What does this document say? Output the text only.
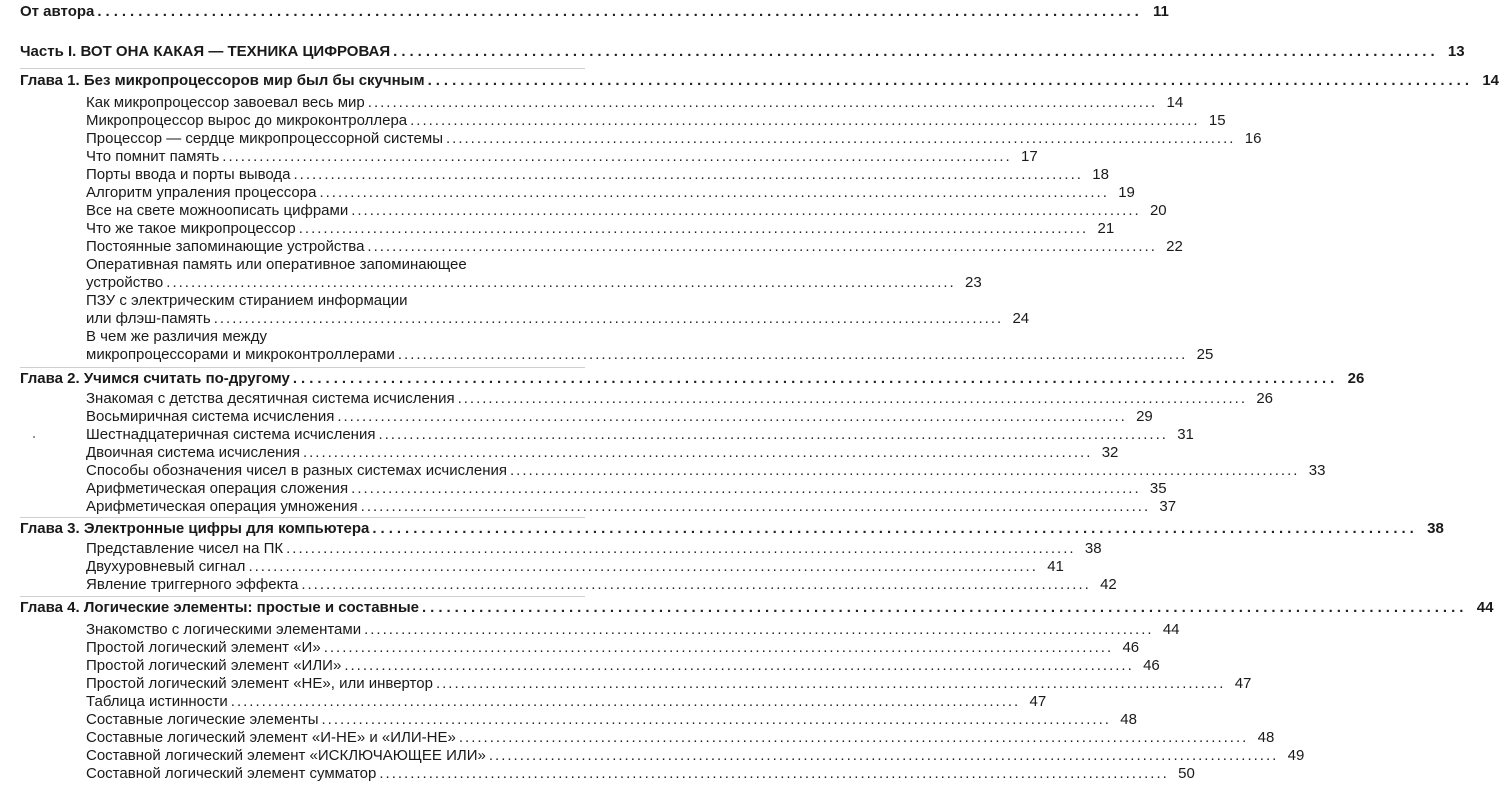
От автора ................................................................................................................................ 11
Часть I. ВОТ ОНА КАКАЯ — ТЕХНИКА ЦИФРОВАЯ ................................................................................................................................ 13
Глава 1. Без микропроцессоров мир был бы скучным ................................................................................................................................ 14
Как микропроцессор завоевал весь мир ................................................................................................................................ 14
Микропроцессор вырос до микроконтроллера ................................................................................................................................ 15
Процессор — сердце микропроцессорной системы ................................................................................................................................ 16
Что помнит память ................................................................................................................................ 17
Порты ввода и порты вывода ................................................................................................................................ 18
Алгоритм упраления процессора ................................................................................................................................ 19
Все на свете можноописать цифрами ................................................................................................................................ 20
Что же такое микропроцессор ................................................................................................................................ 21
Постоянные запоминающие устройства ................................................................................................................................ 22
Оперативная память или оперативное запоминающее
устройство ................................................................................................................................ 23
ПЗУ с электрическим стиранием информации
или флэш-память ................................................................................................................................ 24
В чем же различия между
микропроцессорами и микроконтроллерами ................................................................................................................................ 25
Глава 2. Учимся считать по-другому ................................................................................................................................ 26
Знакомая с детства десятичная система исчисления ................................................................................................................................ 26
Восьмиричная система исчисления ................................................................................................................................ 29
Шестнадцатеричная система исчисления ................................................................................................................................ 31
Двоичная система исчисления ................................................................................................................................ 32
Способы обозначения чисел в разных системах исчисления ................................................................................................................................ 33
Арифметическая операция сложения ................................................................................................................................ 35
Арифметическая операция умножения ................................................................................................................................ 37
Глава 3. Электронные цифры для компьютера ................................................................................................................................ 38
Представление чисел на ПК ................................................................................................................................ 38
Двухуровневый сигнал ................................................................................................................................ 41
Явление триггерного эффекта ................................................................................................................................ 42
Глава 4. Логические элементы: простые и составные ................................................................................................................................ 44
Знакомство с логическими элементами ................................................................................................................................ 44
Простой логический элемент «И» ................................................................................................................................ 46
Простой логический элемент «ИЛИ» ................................................................................................................................ 46
Простой логический элемент «НЕ», или инвертор ................................................................................................................................ 47
Таблица истинности ................................................................................................................................ 47
Составные логические элементы ................................................................................................................................ 48
Составные логический элемент «И-НЕ» и «ИЛИ-НЕ» ................................................................................................................................ 48
Составной логический элемент «ИСКЛЮЧАЮЩЕЕ ИЛИ» ................................................................................................................................ 49
Составной логический элемент сумматор ................................................................................................................................ 50
